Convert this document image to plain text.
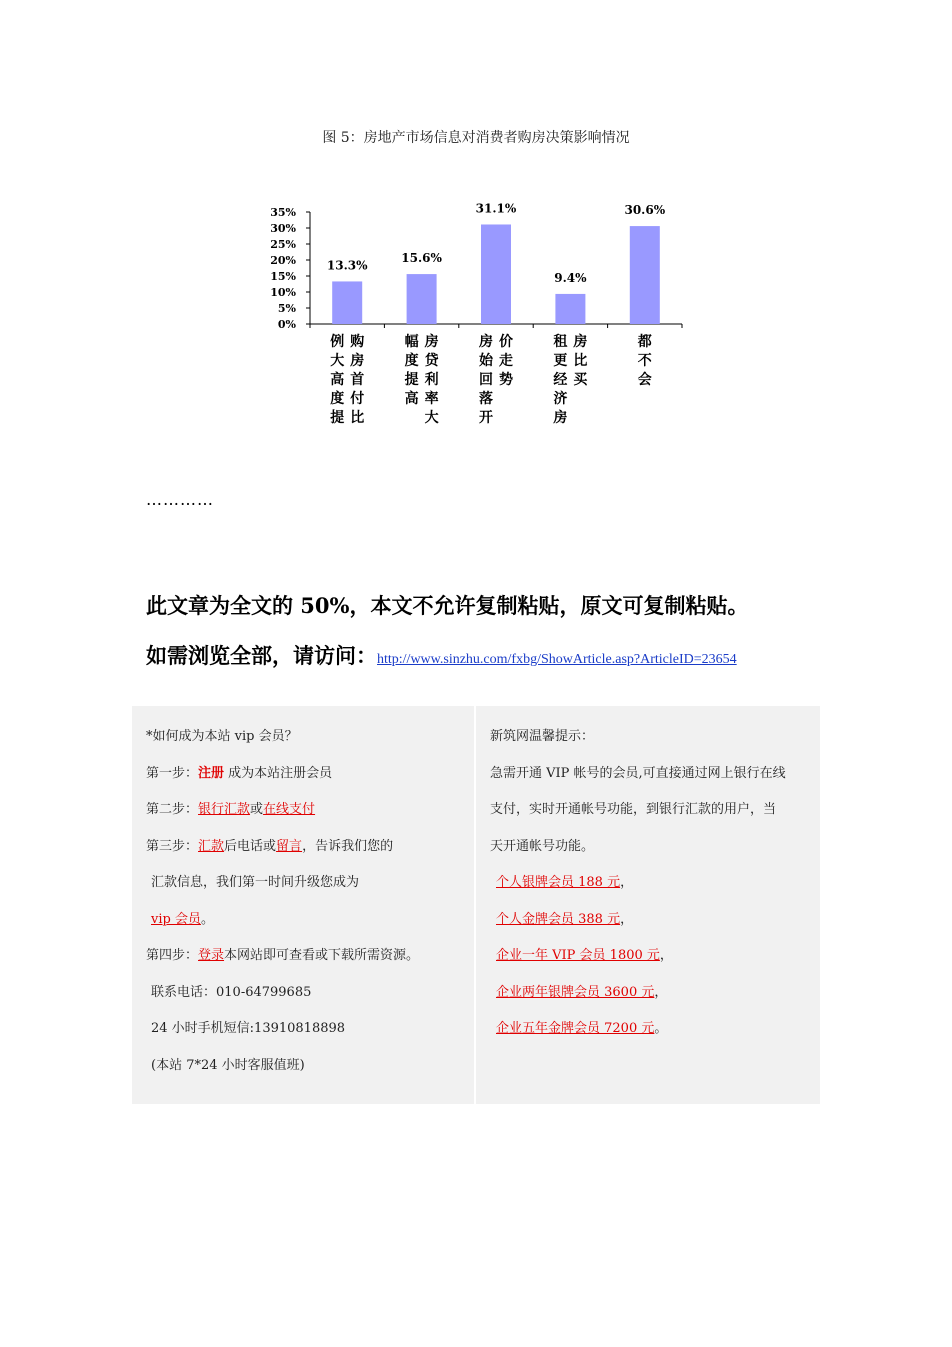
图 5：房地产市场信息对消费者购房决策影响情况
35%
30%
25%
20%
15%
10%
5%
0%
13.3%
例
大
高
度
提
购
房
首
付
比
15.6%
幅
度
提
高
房
贷
利
率
大
31.1%
房
始
回
落
开
价
走
势
9.4%
租
更
经
济
房
房
比
买
30.6%
都
不
会
…………
此文章为全文的 50%，本文不允许复制粘贴，原文可复制粘贴。
如需浏览全部，请访问：http://www.sinzhu.com/fxbg/ShowArticle.asp?ArticleID=23654
*如何成为本站 vip 会员？
第一步：注册 成为本站注册会员
第二步：银行汇款或在线支付
第三步：汇款后电话或留言，告诉我们您的
汇款信息，我们第一时间升级您成为
vip 会员。
第四步：登录本网站即可查看或下载所需资源。
联系电话：010-64799685
24 小时手机短信:13910818898
(本站 7*24 小时客服值班)
新筑网温馨提示：
急需开通 VIP 帐号的会员,可直接通过网上银行在线
支付，实时开通帐号功能，到银行汇款的用户，当
天开通帐号功能。
个人银牌会员 188 元，
个人金牌会员 388 元，
企业一年 VIP 会员 1800 元，
企业两年银牌会员 3600 元，
企业五年金牌会员 7200 元。
